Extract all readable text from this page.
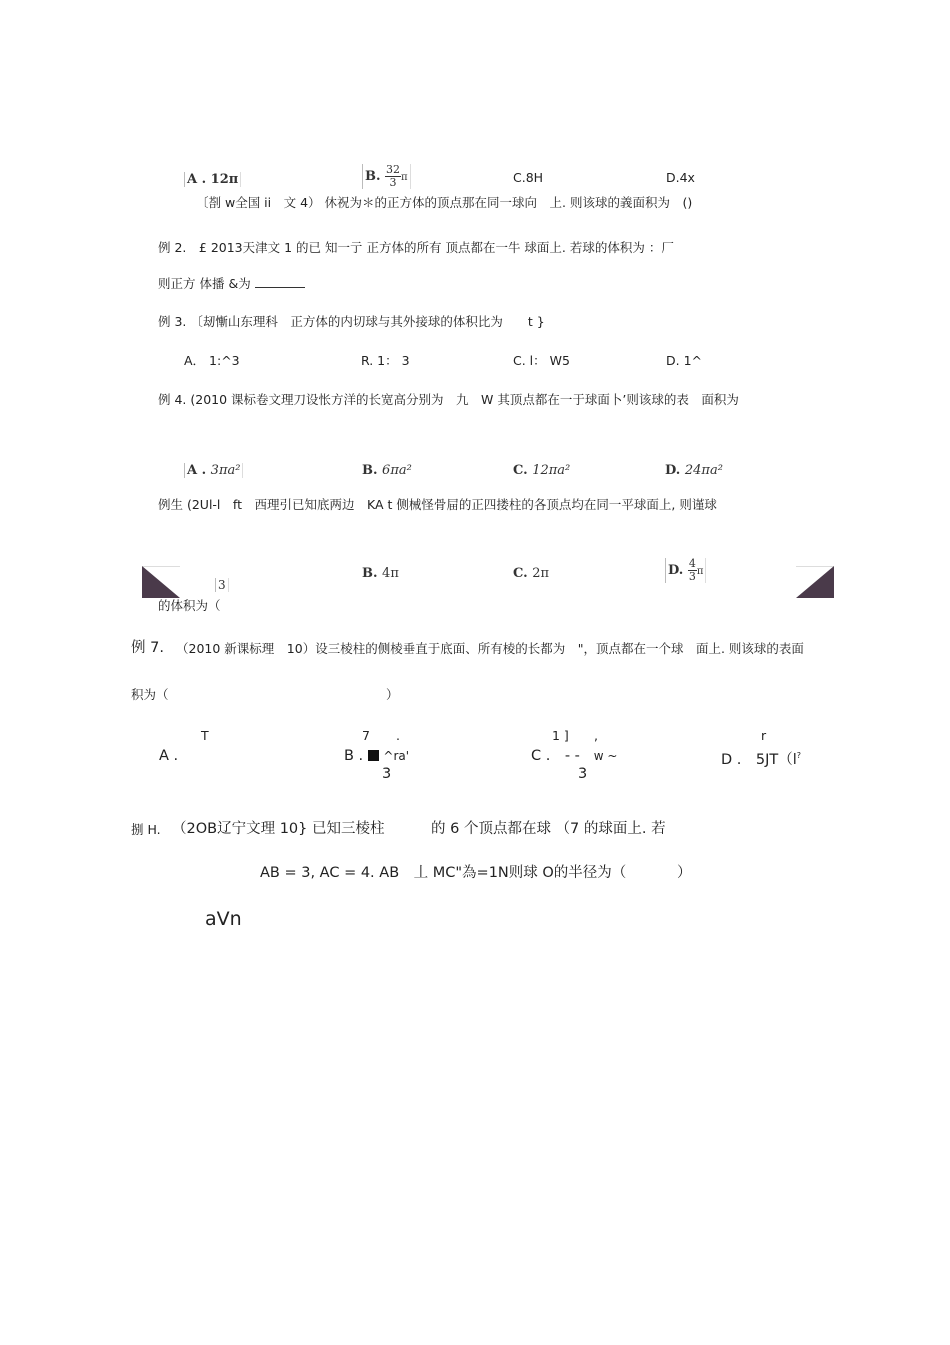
A . 12π	B. $\frac{32}{3}$ π	C.8H	D.4x
〔剳 w全国 ii　文 4） 休祝为＊的正方体的顶点那在同一球向　上. 则该球的義面积为　()
例 2.　£ 2013天津文 1 的已 知一亍 正方体的所有 顶点都在一牛 球面上. 若球的体积为 ：厂
则正方 体播 &为
例 3. 〔刼慚山东理科　正方体的内切球与其外接球的体积比为　　t }
A． 1:^3	R. 1： 3	C. l： W5	D. 1^
例 4. (2010 课标卷文理刀设怅方洋的长宽高分别为　九　W 其顶点都在一于球面卜’则该球的表　面积为
A . 3πa²	B. 6πa²	C. 12πa²	D. 24πa²
例生 (2Ul-l　ft　西理引已知底两边　KA t 侧械怪骨屇的正四搂柱的各顶点均在同一平球面上, 则谨球
3
B. 4π	C. 2π	D. $\frac{4}{3}$ π
的体积为（
例 7. （2010 新课标理　10）设三棱柱的侧棱垂直于底面、所有棱的长都为　"，顶点都在一个球　面上. 则该球的表面
积为（	）
T	7 .	1 ] ,	r
A .	B . ^ra'
3
C .　- - w ~
3
D .　5JT（l?
捌 H. （2OB辽宁文理 10} 已知三棱柱	的 6 个顶点都在球 （7 的球面上. 若
AB = 3, AC = 4. AB　丄 MC"為=1N则球 O的半径为（	）
aVn
